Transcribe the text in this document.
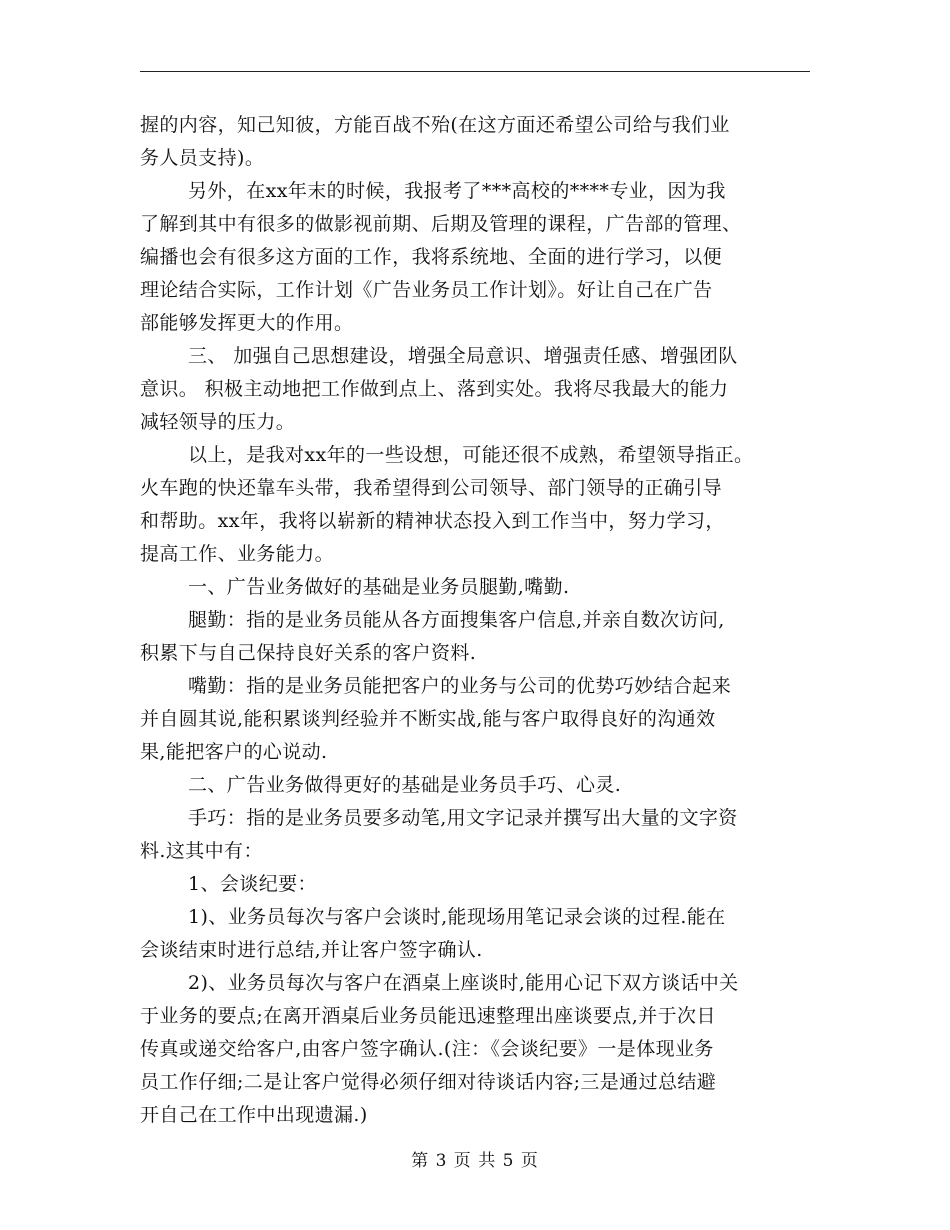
握的内容，知己知彼，方能百战不殆(在这方面还希望公司给与我们业
务人员支持)。
另外，在xx年末的时候，我报考了***高校的****专业，因为我
了解到其中有很多的做影视前期、后期及管理的课程，广告部的管理、
编播也会有很多这方面的工作，我将系统地、全面的进行学习，以便
理论结合实际，工作计划《广告业务员工作计划》。好让自己在广告
部能够发挥更大的作用。
三、 加强自己思想建设，增强全局意识、增强责任感、增强团队
意识。 积极主动地把工作做到点上、落到实处。我将尽我最大的能力
减轻领导的压力。
以上，是我对xx年的一些设想，可能还很不成熟，希望领导指正。
火车跑的快还靠车头带，我希望得到公司领导、部门领导的正确引导
和帮助。xx年，我将以崭新的精神状态投入到工作当中，努力学习，
提高工作、业务能力。
一、广告业务做好的基础是业务员腿勤,嘴勤.
腿勤：指的是业务员能从各方面搜集客户信息,并亲自数次访问,
积累下与自己保持良好关系的客户资料.
嘴勤：指的是业务员能把客户的业务与公司的优势巧妙结合起来
并自圆其说,能积累谈判经验并不断实战,能与客户取得良好的沟通效
果,能把客户的心说动.
二、广告业务做得更好的基础是业务员手巧、心灵.
手巧：指的是业务员要多动笔,用文字记录并撰写出大量的文字资
料.这其中有：
1、会谈纪要：
1)、业务员每次与客户会谈时,能现场用笔记录会谈的过程.能在
会谈结束时进行总结,并让客户签字确认.
2)、业务员每次与客户在酒桌上座谈时,能用心记下双方谈话中关
于业务的要点;在离开酒桌后业务员能迅速整理出座谈要点,并于次日
传真或递交给客户,由客户签字确认.(注：《会谈纪要》一是体现业务
员工作仔细;二是让客户觉得必须仔细对待谈话内容;三是通过总结避
开自己在工作中出现遗漏.)
第 3 页 共 5 页
